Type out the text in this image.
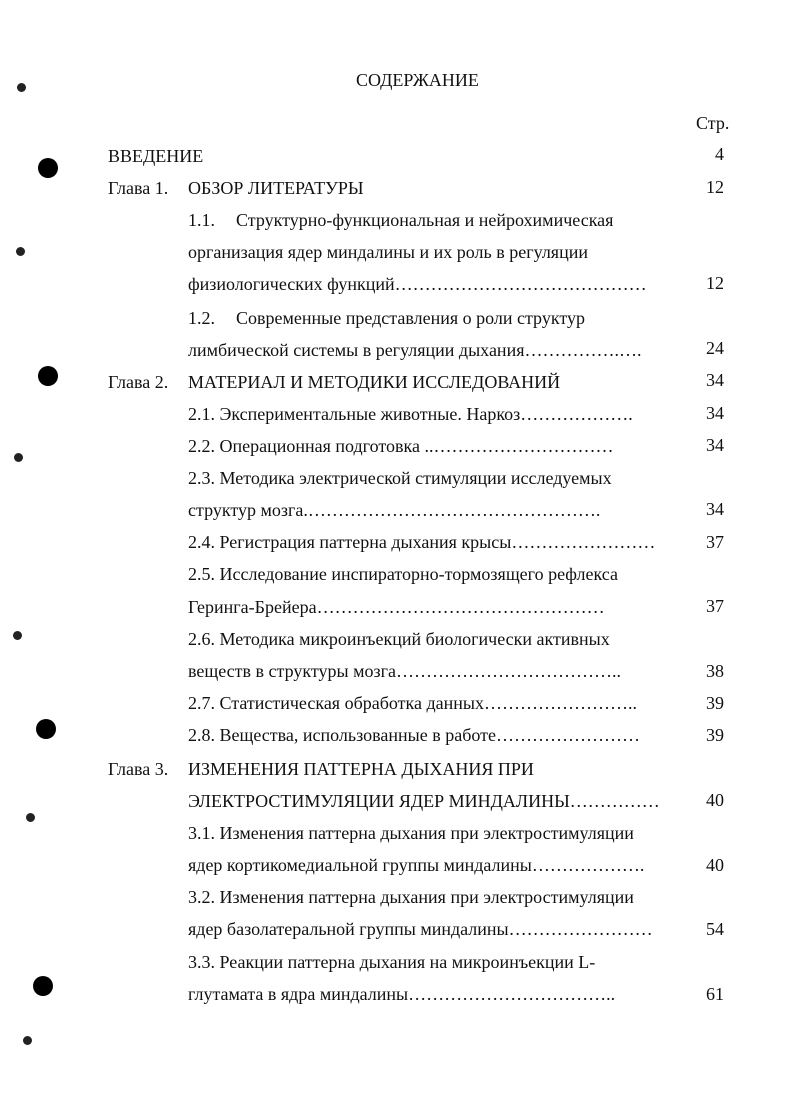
СОДЕРЖАНИЕ
Стр.
ВВЕДЕНИЕ	4
Глава 1. ОБЗОР ЛИТЕРАТУРЫ	12
1.1. Структурно-функциональная и нейрохимическая
организация ядер миндалины и их роль в регуляции
физиологических функций……………………………………	12
1.2. Современные представления о роли структур
лимбической системы в регуляции дыхания…………….….	24
Глава 2. МАТЕРИАЛ И МЕТОДИКИ ИССЛЕДОВАНИЙ	34
2.1. Экспериментальные животные. Наркоз……………….	34
2.2. Операционная подготовка ..…………………………	34
2.3. Методика электрической стимуляции исследуемых
структур мозга.………………………………………….	34
2.4. Регистрация паттерна дыхания крысы……………………	37
2.5. Исследование инспираторно-тормозящего рефлекса
Геринга-Брейера…………………………………………	37
2.6. Методика микроинъекций биологически активных
веществ в структуры мозга………………………………..	38
2.7. Статистическая обработка данных……………………..	39
2.8. Вещества, использованные в работе……………………	39
Глава 3. ИЗМЕНЕНИЯ ПАТТЕРНА ДЫХАНИЯ ПРИ
ЭЛЕКТРОСТИМУЛЯЦИИ ЯДЕР МИНДАЛИНЫ……………	40
3.1. Изменения паттерна дыхания при электростимуляции
ядер кортикомедиальной группы миндалины……………….	40
3.2. Изменения паттерна дыхания при электростимуляции
ядер базолатеральной группы миндалины……………………	54
3.3. Реакции паттерна дыхания на микроинъекции L-
глутамата в ядра миндалины……………………………..	61
